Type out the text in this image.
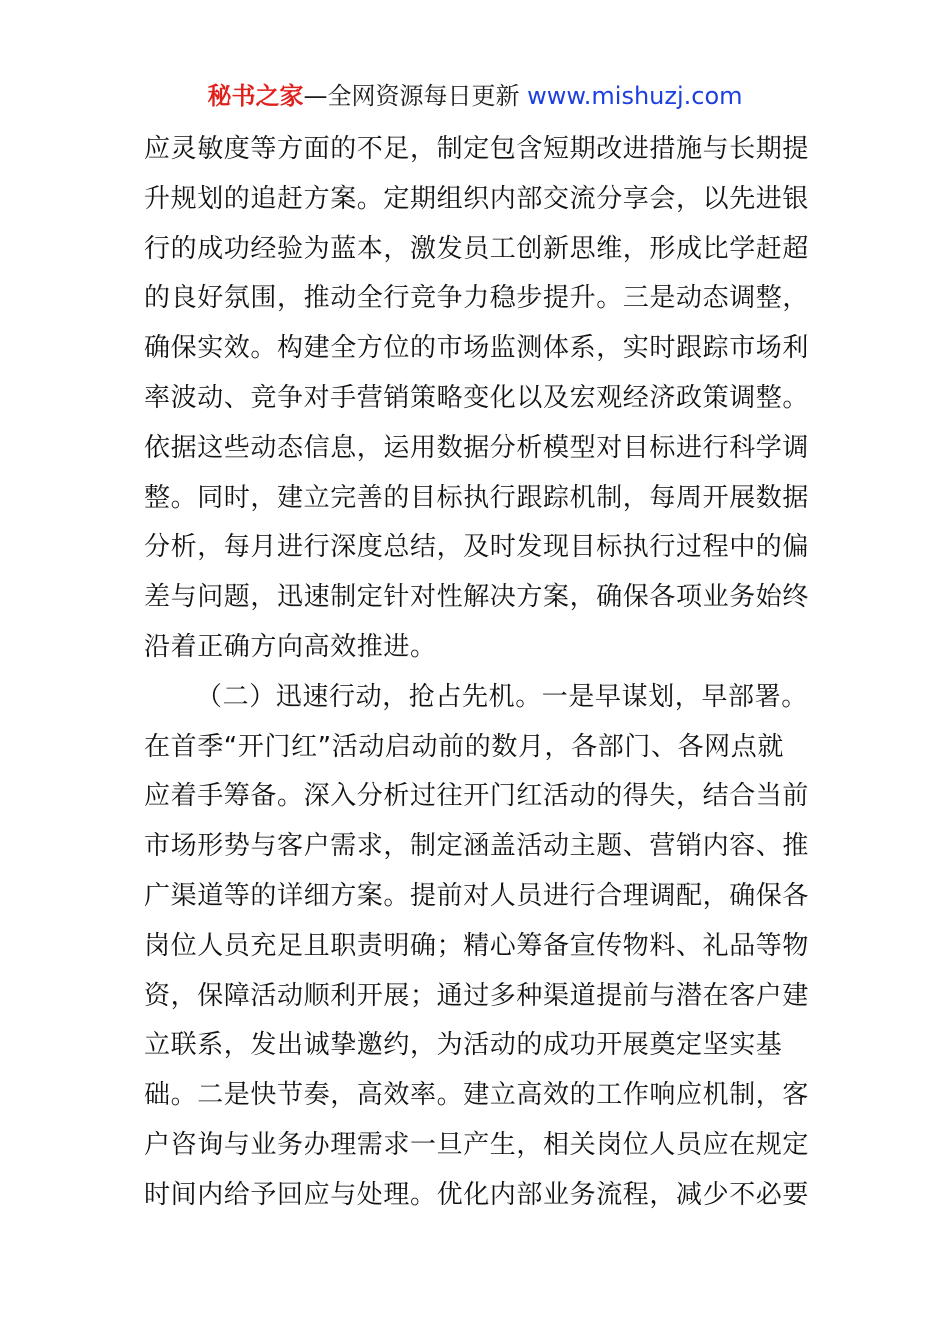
秘书之家—全网资源每日更新 www.mishuzj.com
应灵敏度等方面的不足，制定包含短期改进措施与长期提
升规划的追赶方案。定期组织内部交流分享会，以先进银
行的成功经验为蓝本，激发员工创新思维，形成比学赶超
的良好氛围，推动全行竞争力稳步提升。三是动态调整，
确保实效。构建全方位的市场监测体系，实时跟踪市场利
率波动、竞争对手营销策略变化以及宏观经济政策调整。
依据这些动态信息，运用数据分析模型对目标进行科学调
整。同时，建立完善的目标执行跟踪机制，每周开展数据
分析，每月进行深度总结，及时发现目标执行过程中的偏
差与问题，迅速制定针对性解决方案，确保各项业务始终
沿着正确方向高效推进。
（二）迅速行动，抢占先机。一是早谋划，早部署。
在首季“开门红”活动启动前的数月，各部门、各网点就
应着手筹备。深入分析过往开门红活动的得失，结合当前
市场形势与客户需求，制定涵盖活动主题、营销内容、推
广渠道等的详细方案。提前对人员进行合理调配，确保各
岗位人员充足且职责明确；精心筹备宣传物料、礼品等物
资，保障活动顺利开展；通过多种渠道提前与潜在客户建
立联系，发出诚挚邀约，为活动的成功开展奠定坚实基
础。二是快节奏，高效率。建立高效的工作响应机制，客
户咨询与业务办理需求一旦产生，相关岗位人员应在规定
时间内给予回应与处理。优化内部业务流程，减少不必要
